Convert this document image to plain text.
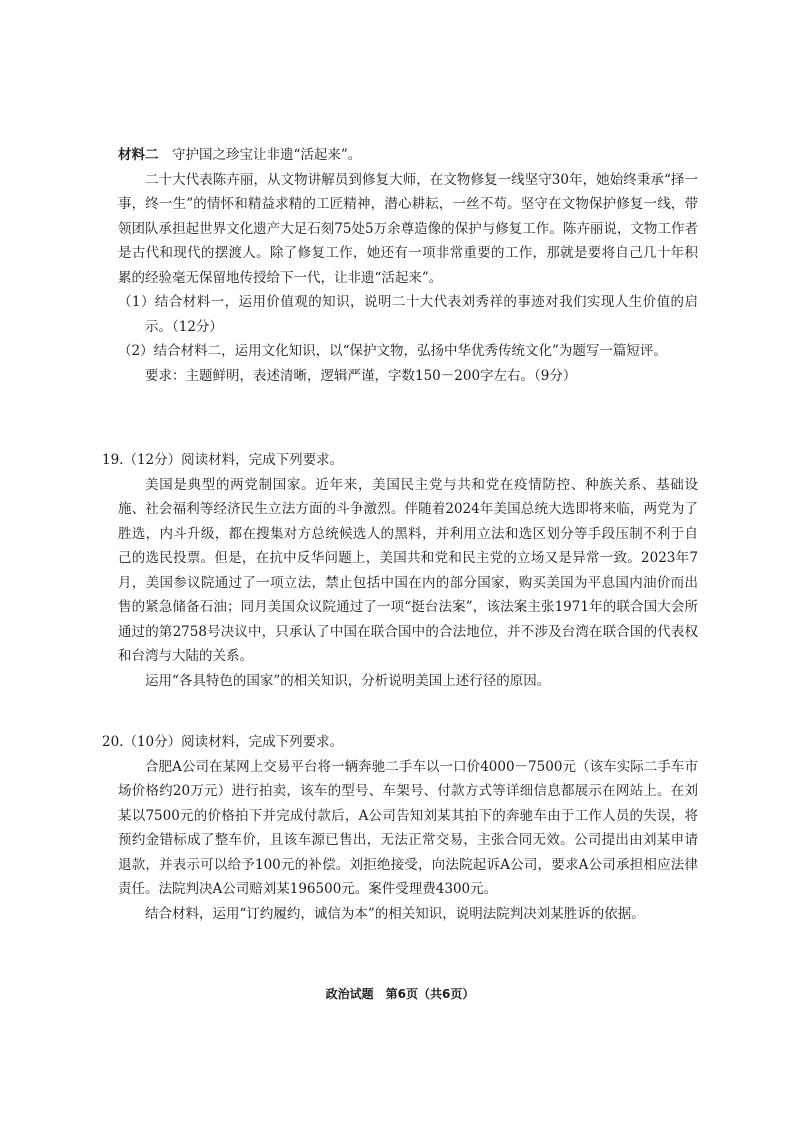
材料二　 守护国之珍宝让非遗“活起来”。

二十大代表陈卉丽，从文物讲解员到修复大师，在文物修复一线坚守30年，她始终秉承“择一事，终一生”的情怀和精益求精的工匠精神，潜心耕耘，一丝不苟。坚守在文物保护修复一线，带领团队承担起世界文化遗产大足石刻75处5万余尊造像的保护与修复工作。陈卉丽说，文物工作者是古代和现代的摆渡人。除了修复工作，她还有一项非常重要的工作，那就是要将自己几十年积累的经验毫无保留地传授给下一代，让非遗“活起来”。

（1）结合材料一，运用价值观的知识，说明二十大代表刘秀祥的事迹对我们实现人生价值的启示。（12分）

（2）结合材料二，运用文化知识，以“保护文物，弘扬中华优秀传统文化”为题写一篇短评。

要求：主题鲜明，表述清晰，逻辑严谨，字数150－200字左右。（9分）

19.（12分）阅读材料，完成下列要求。

美国是典型的两党制国家。近年来，美国民主党与共和党在疫情防控、种族关系、基础设施、社会福利等经济民生立法方面的斗争激烈。伴随着2024年美国总统大选即将来临，两党为了胜选，内斗升级，都在搜集对方总统候选人的黑料，并利用立法和选区划分等手段压制不利于自己的选民投票。但是，在抗中反华问题上，美国共和党和民主党的立场又是异常一致。2023年7月，美国参议院通过了一项立法，禁止包括中国在内的部分国家，购买美国为平息国内油价而出售的紧急储备石油；同月美国众议院通过了一项“挺台法案”，该法案主张1971年的联合国大会所通过的第2758号决议中，只承认了中国在联合国中的合法地位，并不涉及台湾在联合国的代表权和台湾与大陆的关系。

运用“各具特色的国家”的相关知识，分析说明美国上述行径的原因。

20.（10分）阅读材料，完成下列要求。

合肥A公司在某网上交易平台将一辆奔驰二手车以一口价4000－7500元（该车实际二手车市场价格约20万元）进行拍卖，该车的型号、车架号、付款方式等详细信息都展示在网站上。在刘某以7500元的价格拍下并完成付款后，A公司告知刘某其拍下的奔驰车由于工作人员的失误，将预约金错标成了整车价，且该车源已售出，无法正常交易，主张合同无效。公司提出由刘某申请退款，并表示可以给予100元的补偿。刘拒绝接受，向法院起诉A公司，要求A公司承担相应法律责任。法院判决A公司赔刘某196500元。案件受理费4300元。

结合材料，运用“订约履约，诚信为本”的相关知识，说明法院判决刘某胜诉的依据。

政治试题　第6页（共6页）
